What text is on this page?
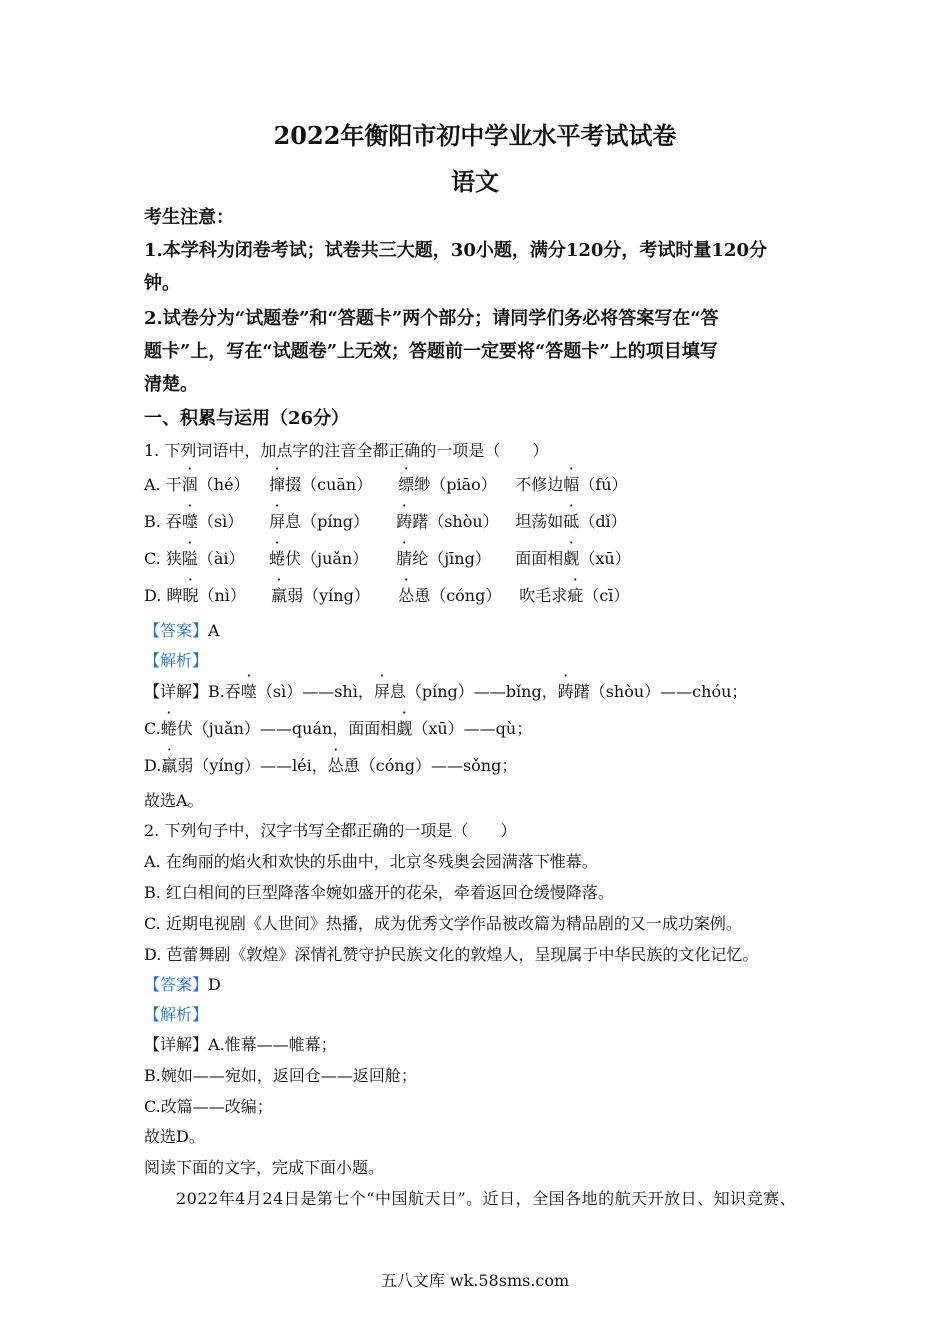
2022年衡阳市初中学业水平考试试卷
语文
考生注意：
1.本学科为闭卷考试；试卷共三大题，30小题，满分120分，考试时量120分
钟。
2.试卷分为“试题卷”和“答题卡”两个部分；请同学们务必将答案写在“答
题卡”上，写在“试题卷”上无效；答题前一定要将“答题卡”上的项目填写
清楚。
一、积累与运用（26分）
1. 下列词语中，加点字的注音全都正确的一项是（　　）
A. 干涸（hé） 撺掇（cuān） 缥缈（piāo） 不修边幅（fú）
B. 吞噬（sì） 屏息（píng） 踌躇（shòu） 坦荡如砥（dǐ）
C. 狭隘（ài） 蜷伏（juǎn） 腈纶（jīng） 面面相觑（xū）
D. 睥睨（nì） 羸弱（yíng） 怂恿（cóng） 吹毛求疵（cī）
【答案】A
【解析】
【详解】B.吞噬（sì）——shì，屏息（píng）——bǐng，踌躇（shòu）——chóu；
C.蜷伏（juǎn）——quán，面面相觑（xū）——qù；
D.羸弱（yíng）——léi，怂恿（cóng）——sǒng；
故选A。
2. 下列句子中，汉字书写全都正确的一项是（　　）
A. 在绚丽的焰火和欢快的乐曲中，北京冬残奥会园满落下惟幕。
B. 红白相间的巨型降落伞婉如盛开的花朵，牵着返回仓缓慢降落。
C. 近期电视剧《人世间》热播，成为优秀文学作品被改篇为精品剧的又一成功案例。
D. 芭蕾舞剧《敦煌》深情礼赞守护民族文化的敦煌人，呈现属于中华民族的文化记忆。
【答案】D
【解析】
【详解】A.惟幕——帷幕；
B.婉如——宛如，返回仓——返回舱；
C.改篇——改编；
故选D。
阅读下面的文字，完成下面小题。
2022年4月24日是第七个“中国航天日”。近日，全国各地的航天开放日、知识竞赛、
五八文库 wk.58sms.com
